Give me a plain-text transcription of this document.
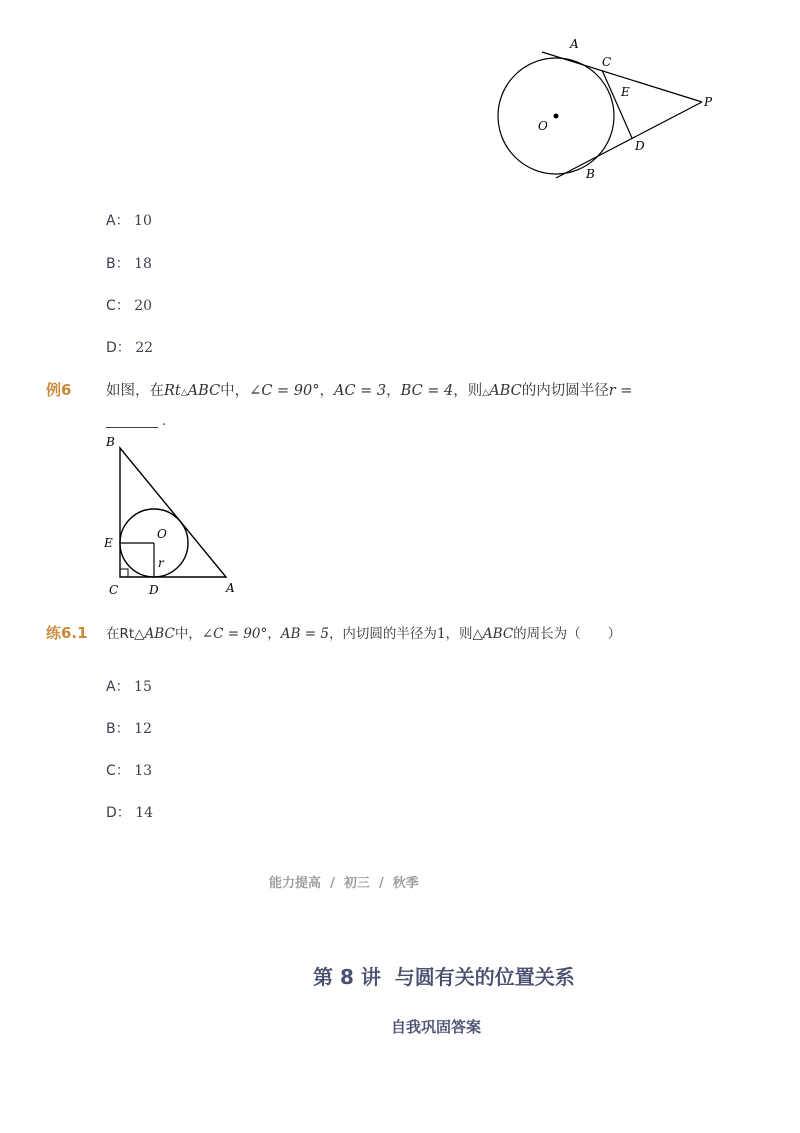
A
C
E
P
O
D
B
A： 10
B： 18
C： 20
D： 22
例6 如图，在Rt△ABC中，∠C = 90°，AC = 3，BC = 4，则△ABC的内切圆半径r =
________ .
B
E
O
r
C	D	A
练6.1 在Rt△ABC中，∠C = 90°，AB = 5，内切圆的半径为1，则△ABC的周长为（　　）
A： 15
B： 12
C： 13
D： 14
能力提高 / 初三 / 秋季
第 8 讲  与圆有关的位置关系
自我巩固答案
